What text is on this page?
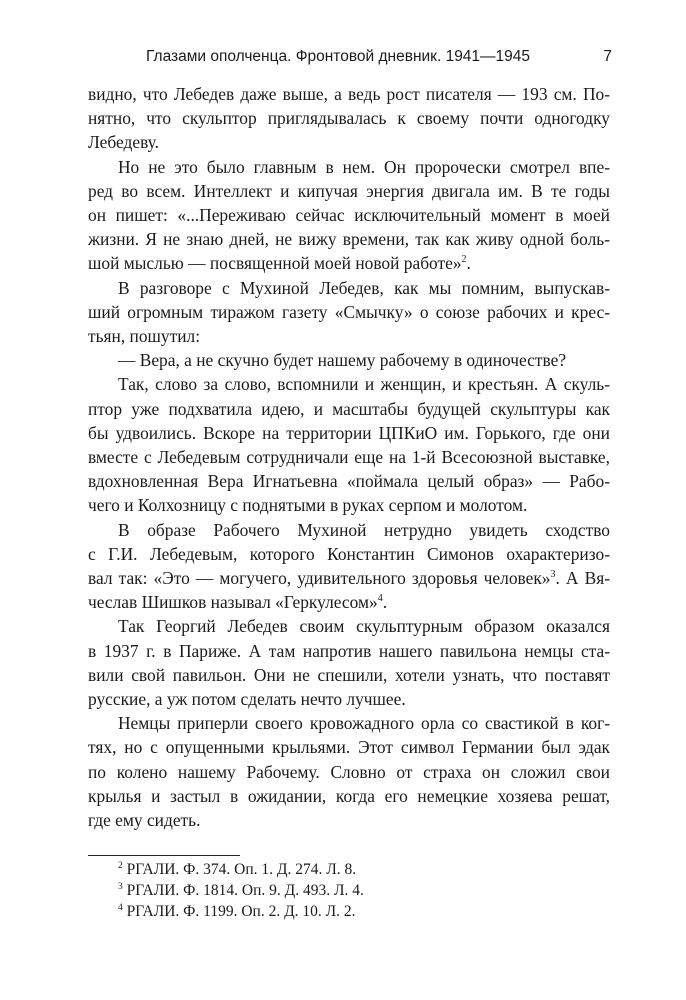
Глазами ополченца. Фронтовой дневник. 1941—1945	7
видно, что Лебедев даже выше, а ведь рост писателя — 193 см. По-
нятно, что скульптор приглядывалась к своему почти одногодку
Лебедеву.
Но не это было главным в нем. Он пророчески смотрел впе-
ред во всем. Интеллект и кипучая энергия двигала им. В те годы
он пишет: «...Переживаю сейчас исключительный момент в моей
жизни. Я не знаю дней, не вижу времени, так как живу одной боль-
шой мыслью — посвященной моей новой работе»$^2$.
В разговоре с Мухиной Лебедев, как мы помним, выпускав-
ший огромным тиражом газету «Смычку» о союзе рабочих и крес-
тьян, пошутил:
— Вера, а не скучно будет нашему рабочему в одиночестве?
Так, слово за слово, вспомнили и женщин, и крестьян. А скуль-
птор уже подхватила идею, и масштабы будущей скульптуры как
бы удвоились. Вскоре на территории ЦПКиО им. Горького, где они
вместе с Лебедевым сотрудничали еще на 1-й Всесоюзной выставке,
вдохновленная Вера Игнатьевна «поймала целый образ» — Рабо-
чего и Колхозницу с поднятыми в руках серпом и молотом.
В образе Рабочего Мухиной нетрудно увидеть сходство
с Г.И. Лебедевым, которого Константин Симонов охарактеризо-
вал так: «Это — могучего, удивительного здоровья человек»$^3$. А Вя-
чеслав Шишков называл «Геркулесом»$^4$.
Так Георгий Лебедев своим скульптурным образом оказался
в 1937 г. в Париже. А там напротив нашего павильона немцы ста-
вили свой павильон. Они не спешили, хотели узнать, что поставят
русские, а уж потом сделать нечто лучшее.
Немцы приперли своего кровожадного орла со свастикой в ког-
тях, но с опущенными крыльями. Этот символ Германии был эдак
по колено нашему Рабочему. Словно от страха он сложил свои
крылья и застыл в ожидании, когда его немецкие хозяева решат,
где ему сидеть.
$^2$ РГАЛИ. Ф. 374. Оп. 1. Д. 274. Л. 8.
$^3$ РГАЛИ. Ф. 1814. Оп. 9. Д. 493. Л. 4.
$^4$ РГАЛИ. Ф. 1199. Оп. 2. Д. 10. Л. 2.
